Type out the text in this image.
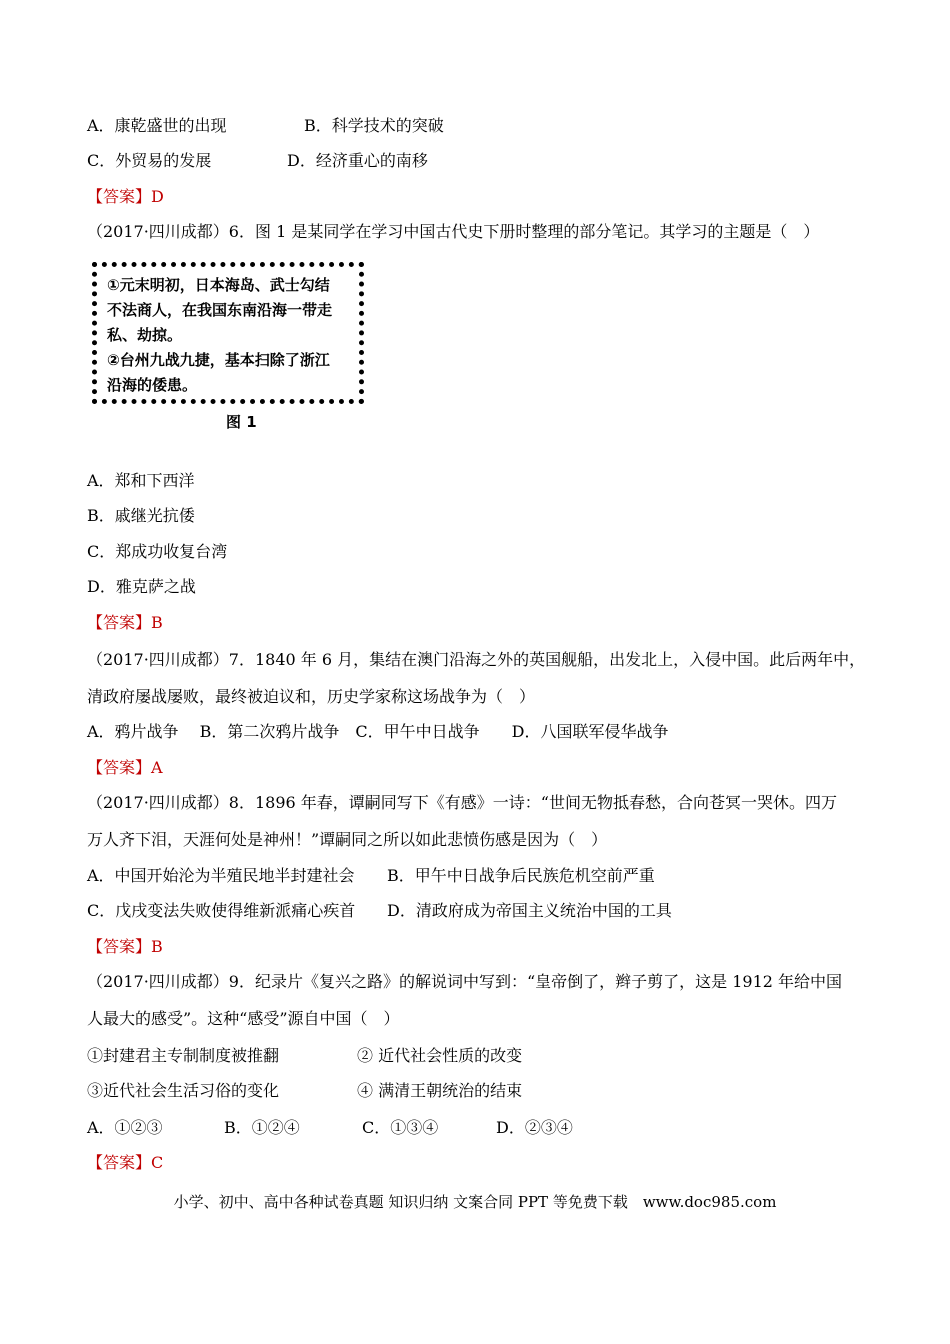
A．康乾盛世的出现	B．科学技术的突破
C．外贸易的发展	D．经济重心的南移
【答案】D
（2017·四川成都）6．图 1 是某同学在学习中国古代史下册时整理的部分笔记。其学习的主题是（　）
①元末明初，日本海岛、武士勾结
不法商人，在我国东南沿海一带走
私、劫掠。
②台州九战九捷，基本扫除了浙江
沿海的倭患。
图 1
A．郑和下西洋
B．戚继光抗倭
C．郑成功收复台湾
D．雅克萨之战
【答案】B
（2017·四川成都）7．1840 年 6 月，集结在澳门沿海之外的英国舰船，出发北上，入侵中国。此后两年中，
清政府屡战屡败，最终被迫议和，历史学家称这场战争为（　）
A．鸦片战争　 B．第二次鸦片战争　C．甲午中日战争　　D．八国联军侵华战争
【答案】A
（2017·四川成都）8．1896 年春，谭嗣同写下《有感》一诗：“世间无物抵春愁，合向苍冥一哭休。四万
万人齐下泪，天涯何处是神州！”谭嗣同之所以如此悲愤伤感是因为（　）
A．中国开始沦为半殖民地半封建社会 B．甲午中日战争后民族危机空前严重
C．戊戌变法失败使得维新派痛心疾首 D．清政府成为帝国主义统治中国的工具
【答案】B
（2017·四川成都）9．纪录片《复兴之路》的解说词中写到：“皇帝倒了，辫子剪了，这是 1912 年给中国
人最大的感受”。这种“感受”源自中国（　）
①封建君主专制制度被推翻	② 近代社会性质的改变
③近代社会生活习俗的变化	④ 满清王朝统治的结束
A．①②③	B．①②④	C．①③④	D．②③④
【答案】C
小学、初中、高中各种试卷真题 知识归纳 文案合同 PPT 等免费下载　www.doc985.com
